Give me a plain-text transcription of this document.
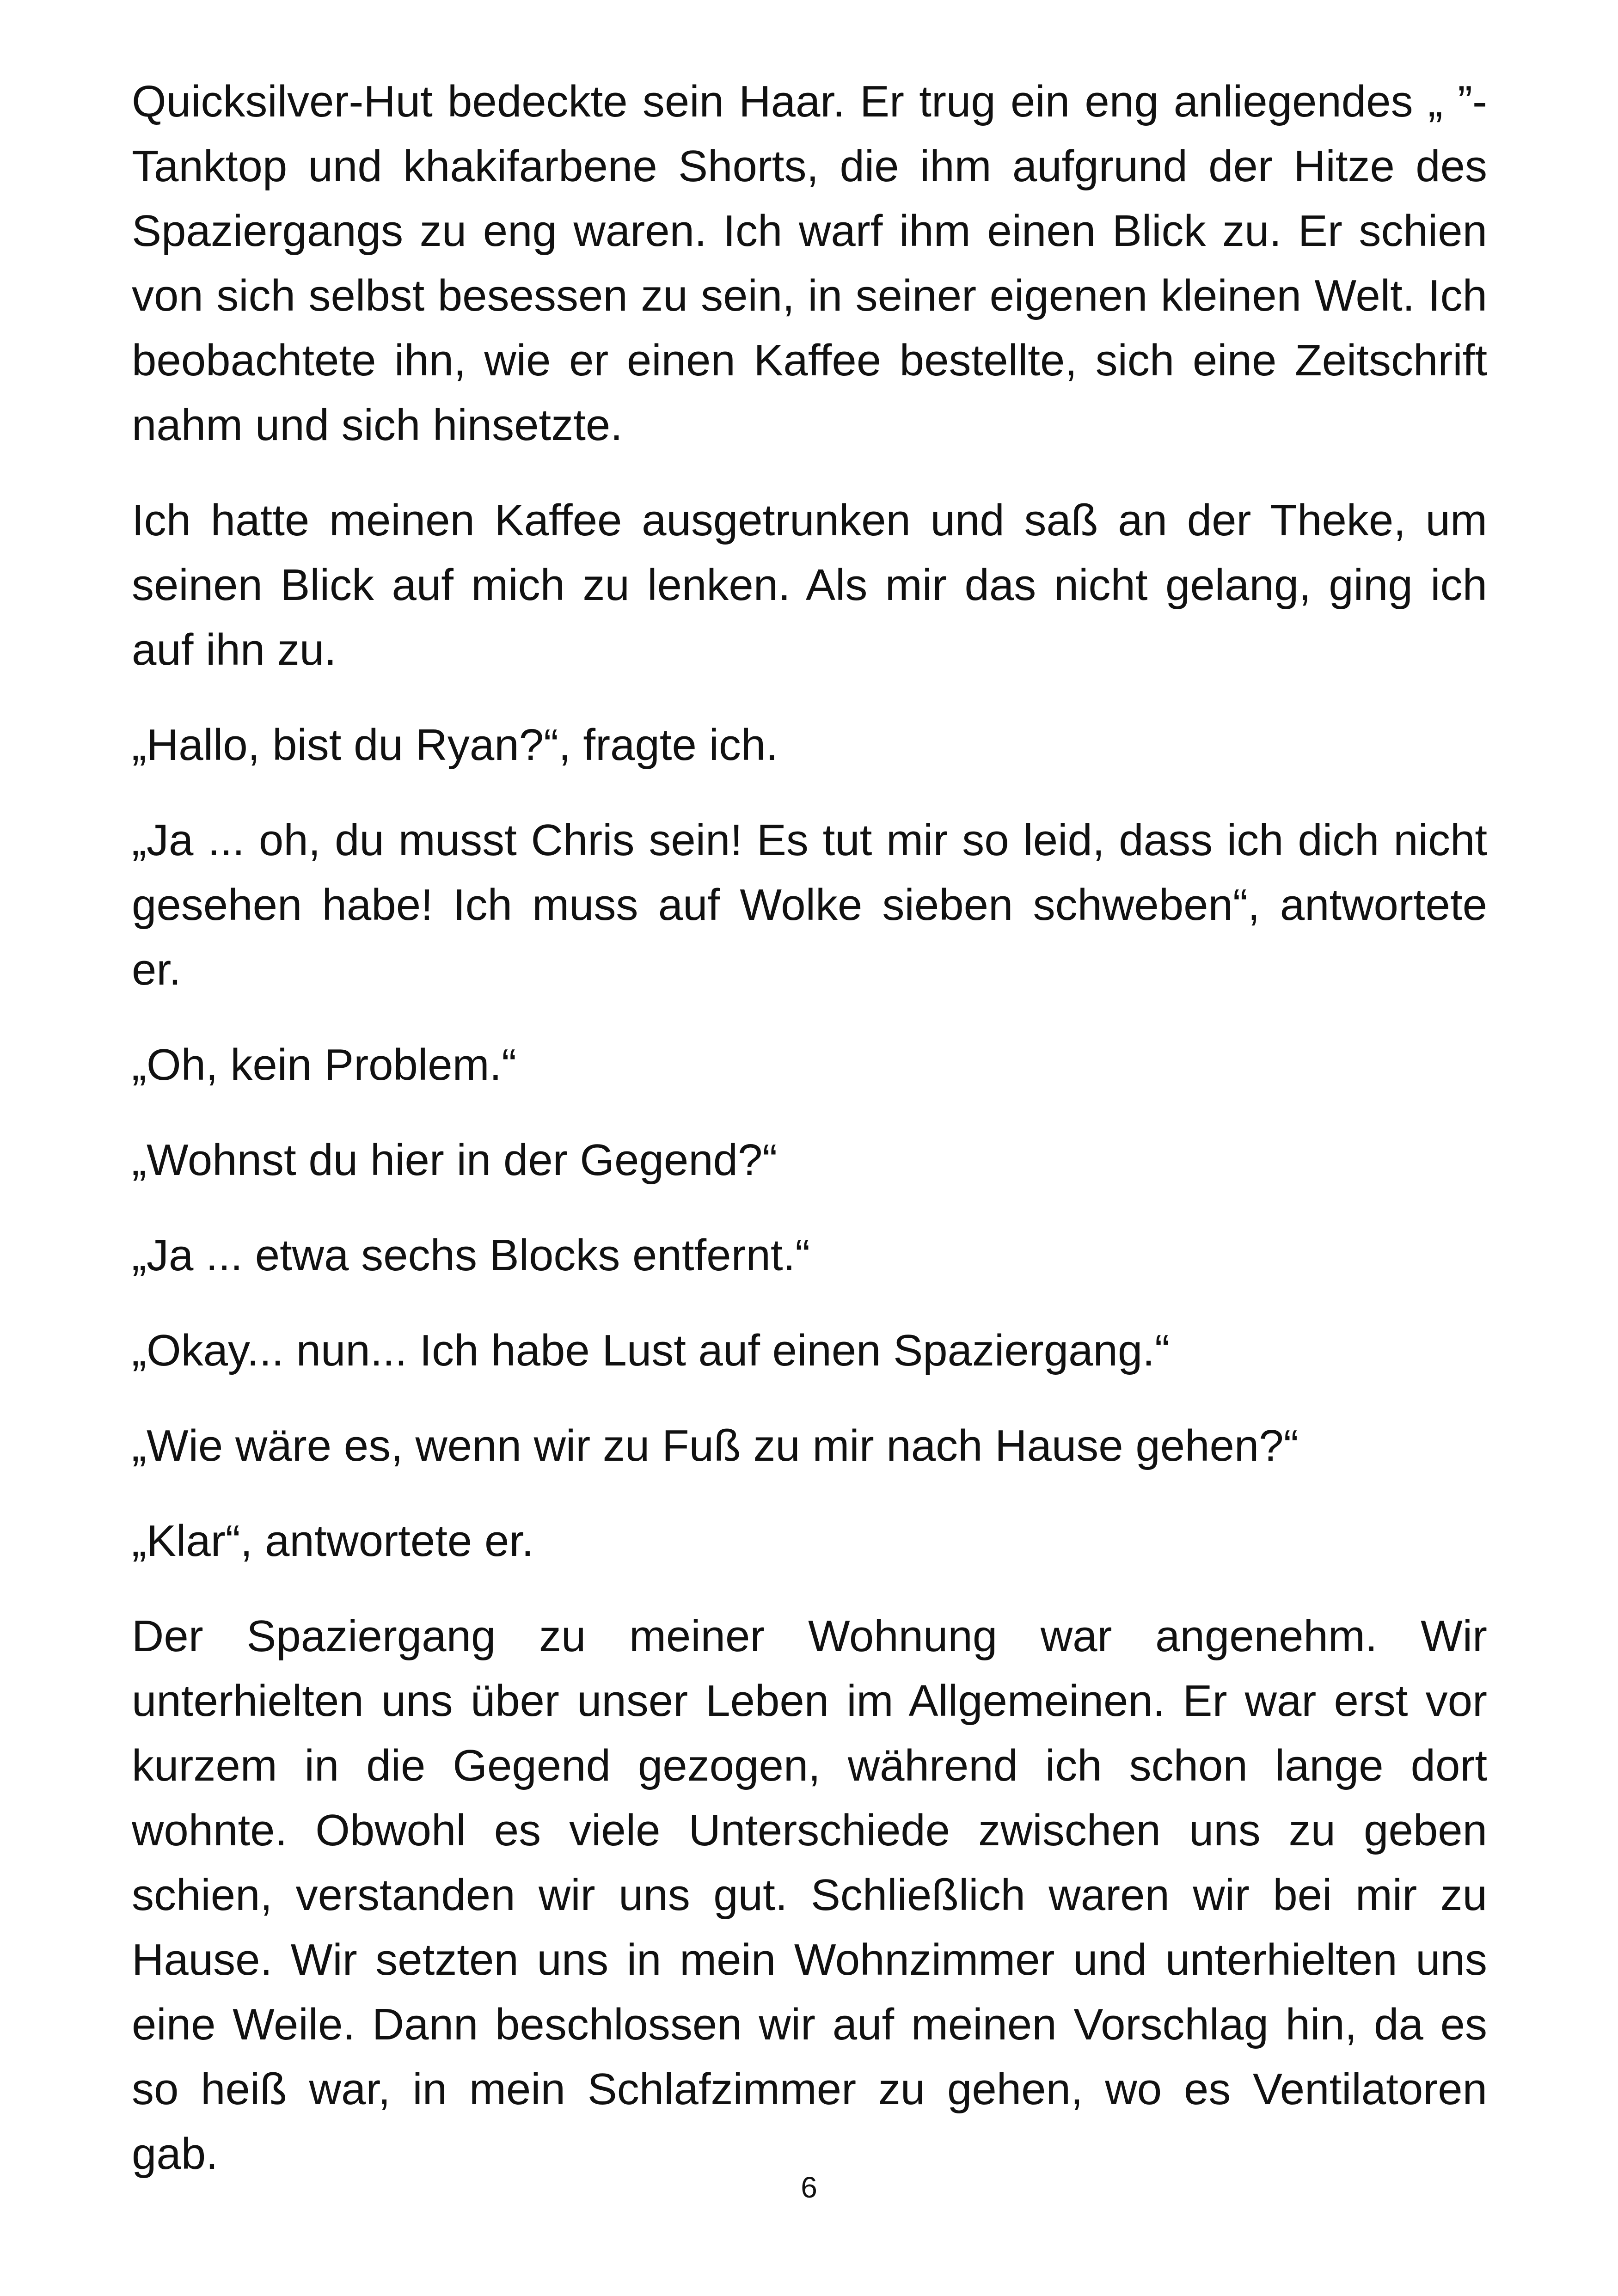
Quicksilver-Hut bedeckte sein Haar. Er trug ein eng anliegendes „ ”-Tanktop und khakifarbene Shorts, die ihm aufgrund der Hitze des Spaziergangs zu eng waren. Ich warf ihm einen Blick zu. Er schien von sich selbst besessen zu sein, in seiner eigenen kleinen Welt. Ich beobachtete ihn, wie er einen Kaffee bestellte, sich eine Zeitschrift nahm und sich hinsetzte.

Ich hatte meinen Kaffee ausgetrunken und saß an der Theke, um seinen Blick auf mich zu lenken. Als mir das nicht gelang, ging ich auf ihn zu.

„Hallo, bist du Ryan?“, fragte ich.

„Ja ... oh, du musst Chris sein! Es tut mir so leid, dass ich dich nicht gesehen habe! Ich muss auf Wolke sieben schweben“, antwortete er.

„Oh, kein Problem.“

„Wohnst du hier in der Gegend?“

„Ja ... etwa sechs Blocks entfernt.“

„Okay... nun... Ich habe Lust auf einen Spaziergang.“

„Wie wäre es, wenn wir zu Fuß zu mir nach Hause gehen?“

„Klar“, antwortete er.

Der Spaziergang zu meiner Wohnung war angenehm. Wir unterhielten uns über unser Leben im Allgemeinen. Er war erst vor kurzem in die Gegend gezogen, während ich schon lange dort wohnte. Obwohl es viele Unterschiede zwischen uns zu geben schien, verstanden wir uns gut. Schließlich waren wir bei mir zu Hause. Wir setzten uns in mein Wohnzimmer und unterhielten uns eine Weile. Dann beschlossen wir auf meinen Vorschlag hin, da es so heiß war, in mein Schlafzimmer zu gehen, wo es Ventilatoren gab.

6
